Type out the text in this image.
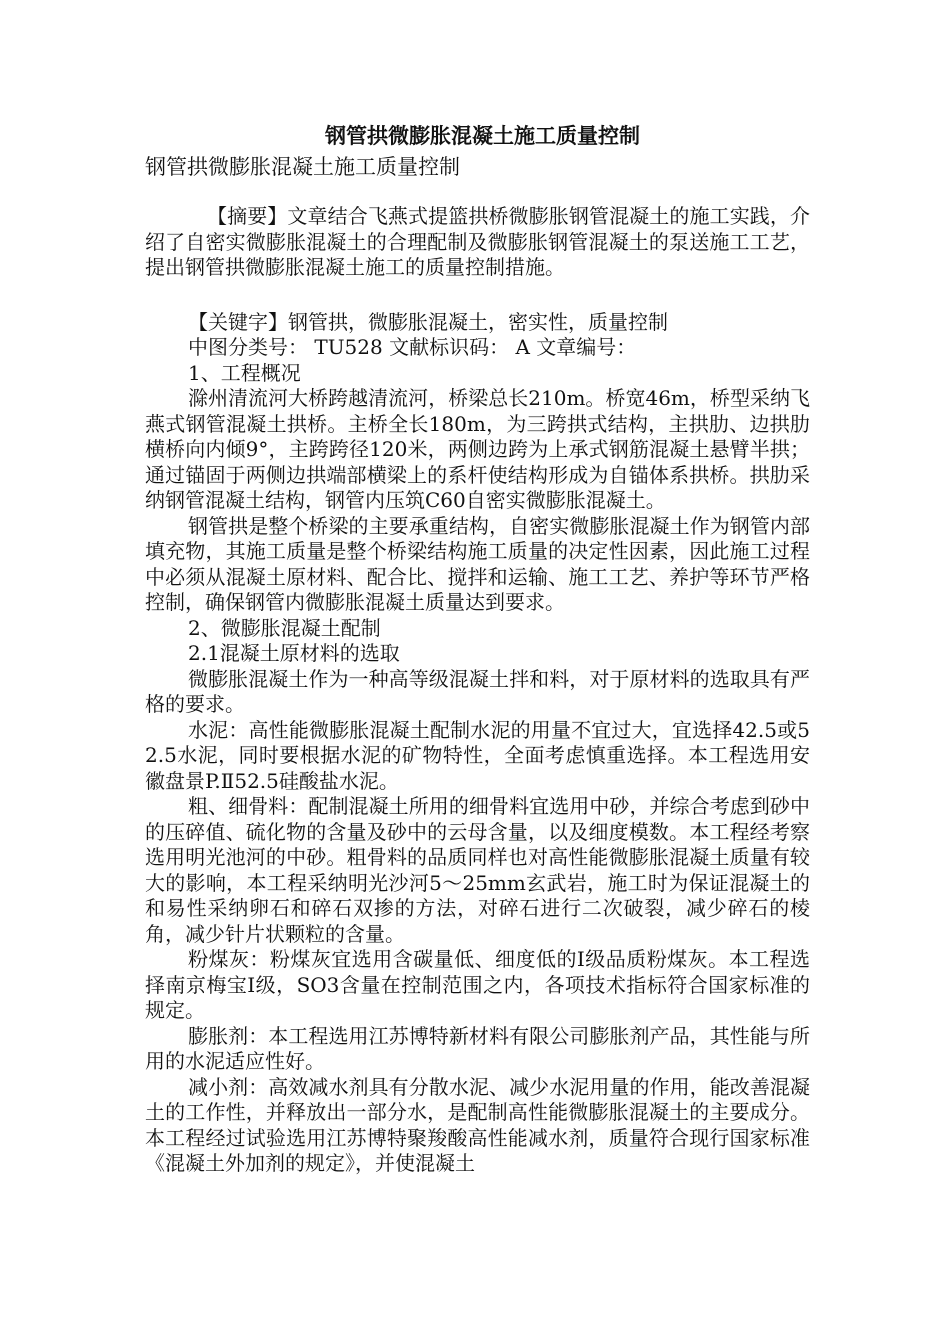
钢管拱微膨胀混凝土施工质量控制
钢管拱微膨胀混凝土施工质量控制

【摘要】文章结合飞燕式提篮拱桥微膨胀钢管混凝土的施工实践，介绍了自密实微膨胀混凝土的合理配制及微膨胀钢管混凝土的泵送施工工艺，提出钢管拱微膨胀混凝土施工的质量控制措施。

【关键字】钢管拱，微膨胀混凝土，密实性，质量控制

中图分类号： TU528 文献标识码： A 文章编号：

1、工程概况

滁州清流河大桥跨越清流河，桥梁总长210m。桥宽46m，桥型采纳飞燕式钢管混凝土拱桥。主桥全长180m，为三跨拱式结构，主拱肋、边拱肋横桥向内倾9°，主跨跨径120米，两侧边跨为上承式钢筋混凝土悬臂半拱；通过锚固于两侧边拱端部横梁上的系杆使结构形成为自锚体系拱桥。拱肋采纳钢管混凝土结构，钢管内压筑C60自密实微膨胀混凝土。

钢管拱是整个桥梁的主要承重结构，自密实微膨胀混凝土作为钢管内部填充物，其施工质量是整个桥梁结构施工质量的决定性因素，因此施工过程中必须从混凝土原材料、配合比、搅拌和运输、施工工艺、养护等环节严格控制，确保钢管内微膨胀混凝土质量达到要求。

2、微膨胀混凝土配制

2.1混凝土原材料的选取

微膨胀混凝土作为一种高等级混凝土拌和料，对于原材料的选取具有严格的要求。

水泥：高性能微膨胀混凝土配制水泥的用量不宜过大，宜选择42.5或52.5水泥，同时要根据水泥的矿物特性，全面考虑慎重选择。本工程选用安徽盘景P.Ⅱ52.5硅酸盐水泥。

粗、细骨料：配制混凝土所用的细骨料宜选用中砂，并综合考虑到砂中的压碎值、硫化物的含量及砂中的云母含量，以及细度模数。本工程经考察选用明光池河的中砂。粗骨料的品质同样也对高性能微膨胀混凝土质量有较大的影响，本工程采纳明光沙河5～25mm玄武岩，施工时为保证混凝土的和易性采纳卵石和碎石双掺的方法，对碎石进行二次破裂，减少碎石的棱角，减少针片状颗粒的含量。

粉煤灰：粉煤灰宜选用含碳量低、细度低的Ⅰ级品质粉煤灰。本工程选择南京梅宝Ⅰ级，SO3含量在控制范围之内，各项技术指标符合国家标准的规定。

膨胀剂：本工程选用江苏博特新材料有限公司膨胀剂产品，其性能与所用的水泥适应性好。

减小剂：高效减水剂具有分散水泥、减少水泥用量的作用，能改善混凝土的工作性，并释放出一部分水，是配制高性能微膨胀混凝土的主要成分。本工程经过试验选用江苏博特聚羧酸高性能减水剂，质量符合现行国家标准《混凝土外加剂的规定》，并使混凝土
